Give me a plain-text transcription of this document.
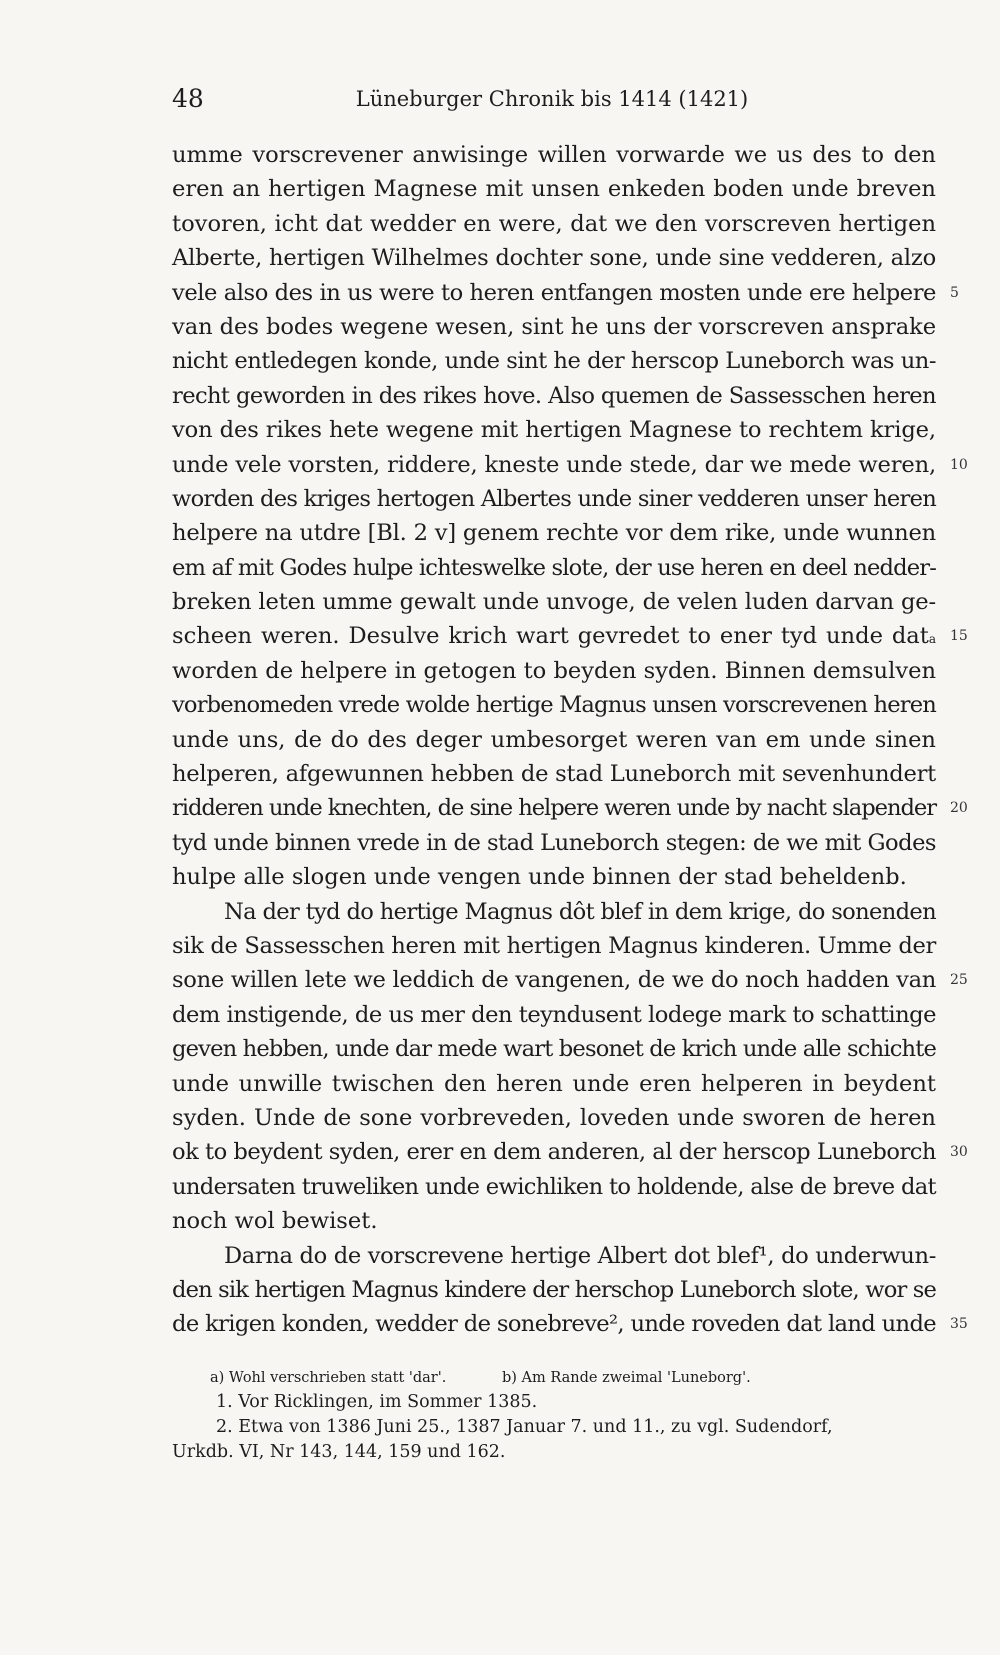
48	Lüneburger Chronik bis 1414 (1421)
umme vorscrevener anwisinge willen vorwarde we us des to den
eren an hertigen Magnese mit unsen enkeden boden unde breven
tovoren, icht dat wedder en were, dat we den vorscreven hertigen
Alberte, hertigen Wilhelmes dochter sone, unde sine vedderen, alzo
vele also des in us were to heren entfangen mosten unde ere helpere 5
van des bodes wegene wesen, sint he uns der vorscreven ansprake
nicht entledegen konde, unde sint he der herscop Luneborch was un-
recht geworden in des rikes hove. Also quemen de Sassesschen heren
von des rikes hete wegene mit hertigen Magnese to rechtem krige,
unde vele vorsten, riddere, kneste unde stede, dar we mede weren, 10
worden des kriges hertogen Albertes unde siner vedderen unser heren
helpere na utdre [Bl. 2 v] genem rechte vor dem rike, unde wunnen
em af mit Godes hulpe ichteswelke slote, der use heren en deel nedder-
breken leten umme gewalt unde unvoge, de velen luden darvan ge-
scheen weren. Desulve krich wart gevredet to ener tyd unde data 15
worden de helpere in getogen to beyden syden. Binnen demsulven
vorbenomeden vrede wolde hertige Magnus unsen vorscrevenen heren
unde uns, de do des deger umbesorget weren van em unde sinen
helperen, afgewunnen hebben de stad Luneborch mit sevenhundert
ridderen unde knechten, de sine helpere weren unde by nacht slapender 20
tyd unde binnen vrede in de stad Luneborch stegen: de we mit Godes
hulpe alle slogen unde vengen unde binnen der stad beheldenb.
Na der tyd do hertige Magnus dôt blef in dem krige, do sonenden
sik de Sassesschen heren mit hertigen Magnus kinderen. Umme der
sone willen lete we leddich de vangenen, de we do noch hadden van 25
dem instigende, de us mer den teyndusent lodege mark to schattinge
geven hebben, unde dar mede wart besonet de krich unde alle schichte
unde unwille twischen den heren unde eren helperen in beydent
syden. Unde de sone vorbreveden, loveden unde sworen de heren
ok to beydent syden, erer en dem anderen, al der herscop Luneborch 30
undersaten truweliken unde ewichliken to holdende, alse de breve dat
noch wol bewiset.
Darna do de vorscrevene hertige Albert dot blef¹, do underwun-
den sik hertigen Magnus kindere der herschop Luneborch slote, wor se
de krigen konden, wedder de sonebreve², unde roveden dat land unde 35
a) Wohl verschrieben statt 'dar'.	b) Am Rande zweimal 'Luneborg'.
1. Vor Ricklingen, im Sommer 1385.
2. Etwa von 1386 Juni 25., 1387 Januar 7. und 11., zu vgl. Sudendorf,
Urkdb. VI, Nr 143, 144, 159 und 162.
